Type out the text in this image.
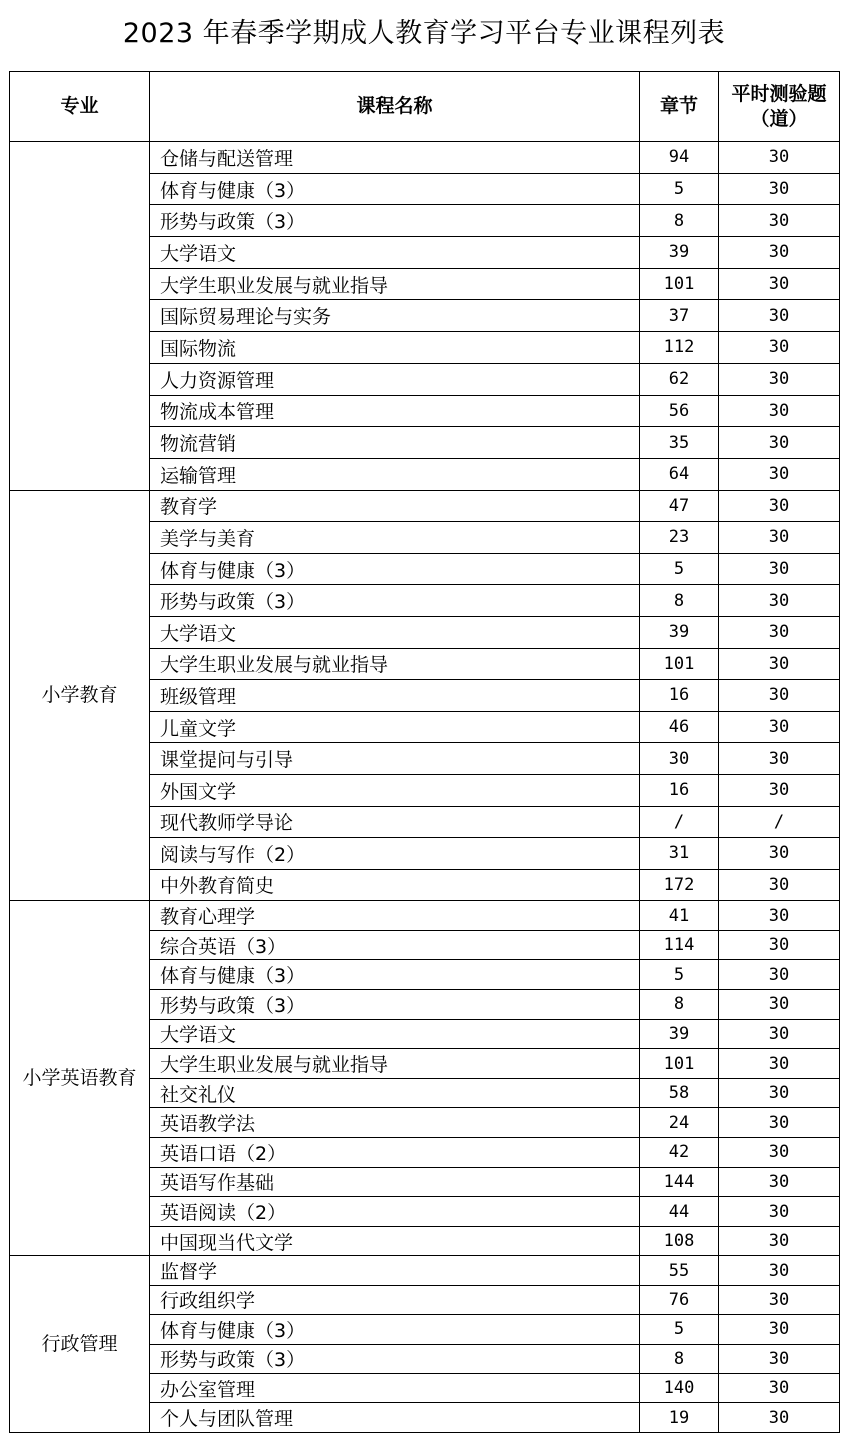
2023 年春季学期成人教育学习平台专业课程列表
专业	课程名称	章节	平时测验题（道）
	仓储与配送管理	94	30
	体育与健康（3）	5	30
	形势与政策（3）	8	30
	大学语文	39	30
	大学生职业发展与就业指导	101	30
	国际贸易理论与实务	37	30
	国际物流	112	30
	人力资源管理	62	30
	物流成本管理	56	30
	物流营销	35	30
	运输管理	64	30
小学教育	教育学	47	30
	美学与美育	23	30
	体育与健康（3）	5	30
	形势与政策（3）	8	30
	大学语文	39	30
	大学生职业发展与就业指导	101	30
	班级管理	16	30
	儿童文学	46	30
	课堂提问与引导	30	30
	外国文学	16	30
	现代教师学导论	/	/
	阅读与写作（2）	31	30
	中外教育简史	172	30
小学英语教育	教育心理学	41	30
	综合英语（3）	114	30
	体育与健康（3）	5	30
	形势与政策（3）	8	30
	大学语文	39	30
	大学生职业发展与就业指导	101	30
	社交礼仪	58	30
	英语教学法	24	30
	英语口语（2）	42	30
	英语写作基础	144	30
	英语阅读（2）	44	30
	中国现当代文学	108	30
行政管理	监督学	55	30
	行政组织学	76	30
	体育与健康（3）	5	30
	形势与政策（3）	8	30
	办公室管理	140	30
	个人与团队管理	19	30
